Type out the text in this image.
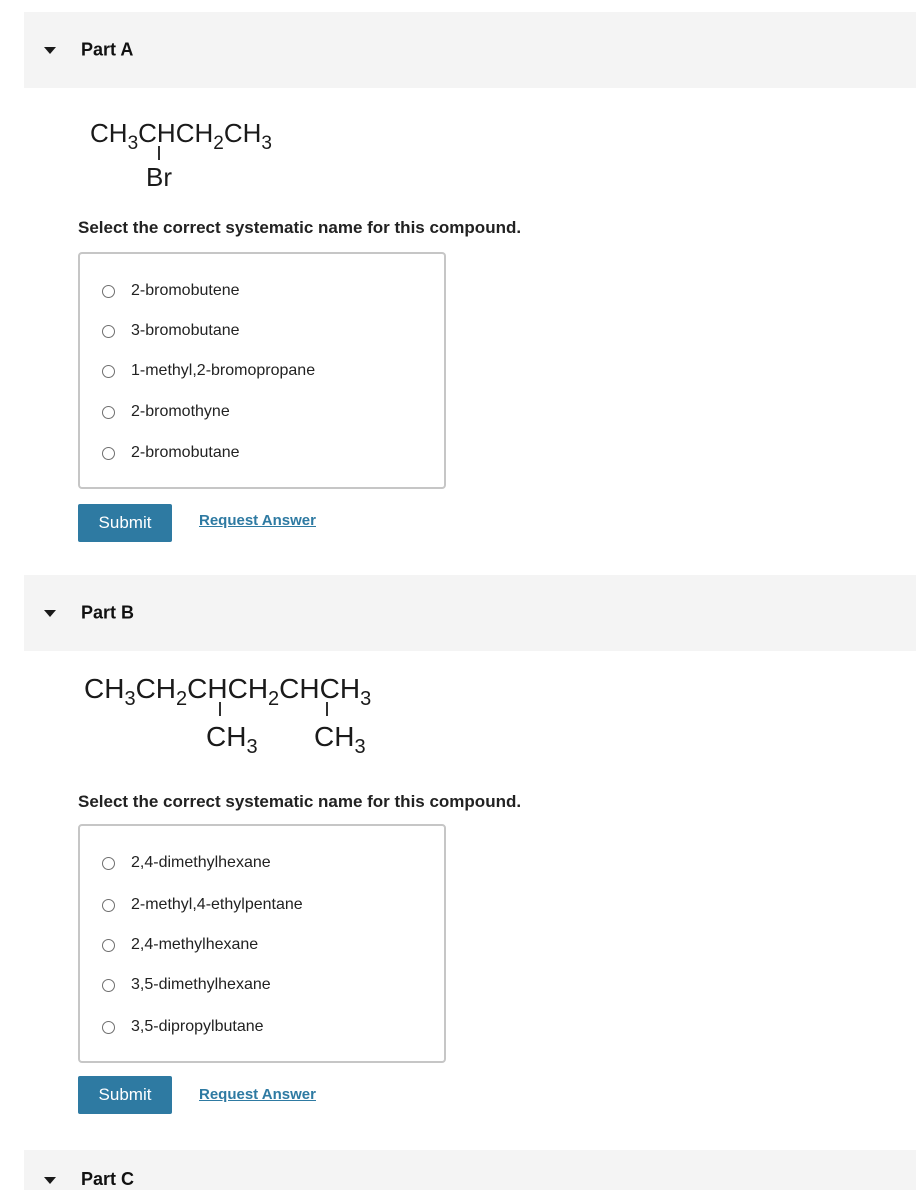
Part A
$CH_3CHCH_2CH_3$
Br
Select the correct systematic name for this compound.
2-bromobutene
3-bromobutane
1-methyl,2-bromopropane
2-bromothyne
2-bromobutane
Submit	Request Answer
Part B
$CH_3CH_2CHCH_2CHCH_3$
$CH_3$ $CH_3$
Select the correct systematic name for this compound.
2,4-dimethylhexane
2-methyl,4-ethylpentane
2,4-methylhexane
3,5-dimethylhexane
3,5-dipropylbutane
Submit	Request Answer
Part C
